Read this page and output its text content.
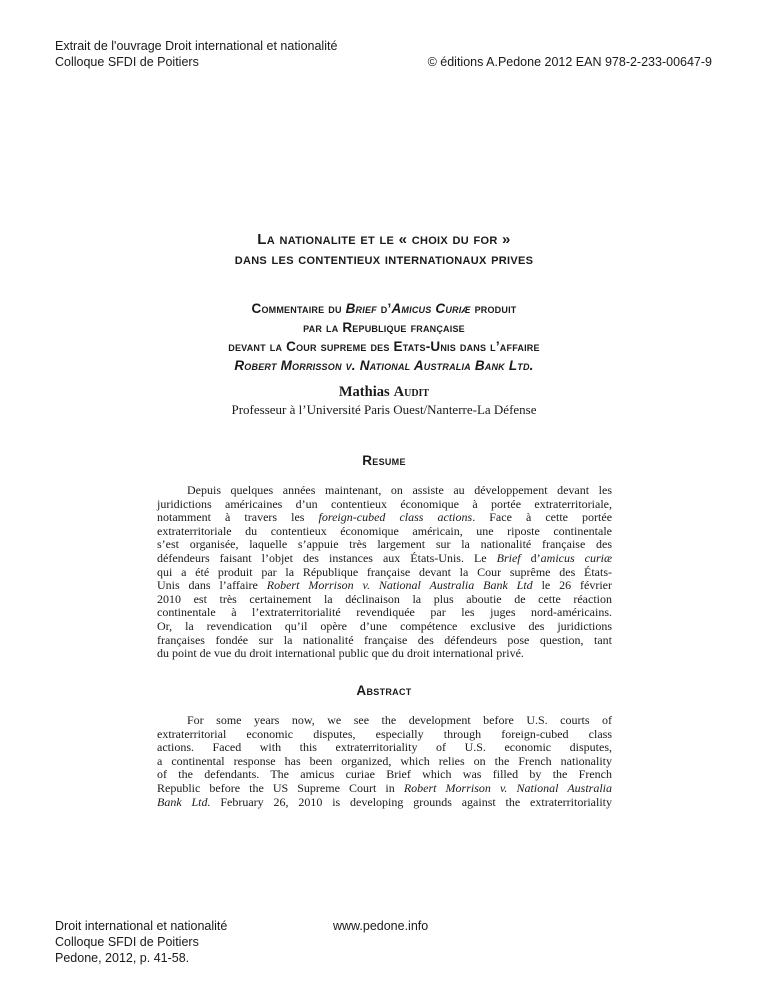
Extrait de l'ouvrage Droit international et nationalité
Colloque SFDI de Poitiers	© éditions A.Pedone 2012 EAN 978-2-233-00647-9
La nationalite et le « choix du for »
dans les contentieux internationaux prives
Commentaire du Brief d’Amicus Curiæ produit
par la Republique française
devant la Cour supreme des Etats-Unis dans l’affaire
Robert Morrisson v. National Australia Bank Ltd.
Mathias Audit
Professeur à l’Université Paris Ouest/Nanterre-La Défense
Resume
Depuis quelques années maintenant, on assiste au développement devant les
juridictions américaines d’un contentieux économique à portée extraterritoriale,
notamment à travers les foreign-cubed class actions. Face à cette portée
extraterritoriale du contentieux économique américain, une riposte continentale
s’est organisée, laquelle s’appuie très largement sur la nationalité française des
défendeurs faisant l’objet des instances aux États-Unis. Le Brief d’amicus curiæ
qui a été produit par la République française devant la Cour suprême des États-
Unis dans l’affaire Robert Morrison v. National Australia Bank Ltd le 26 février
2010 est très certainement la déclinaison la plus aboutie de cette réaction
continentale à l’extraterritorialité revendiquée par les juges nord-américains.
Or, la revendication qu’il opère d’une compétence exclusive des juridictions
françaises fondée sur la nationalité française des défendeurs pose question, tant
du point de vue du droit international public que du droit international privé.
Abstract
For some years now, we see the development before U.S. courts of
extraterritorial economic disputes, especially through foreign-cubed class
actions. Faced with this extraterritoriality of U.S. economic disputes,
a continental response has been organized, which relies on the French nationality
of the defendants. The amicus curiae Brief which was filled by the French
Republic before the US Supreme Court in Robert Morrison v. National Australia
Bank Ltd. February 26, 2010 is developing grounds against the extraterritoriality
Droit international et nationalité
Colloque SFDI de Poitiers
Pedone, 2012, p. 41-58.
www.pedone.info
